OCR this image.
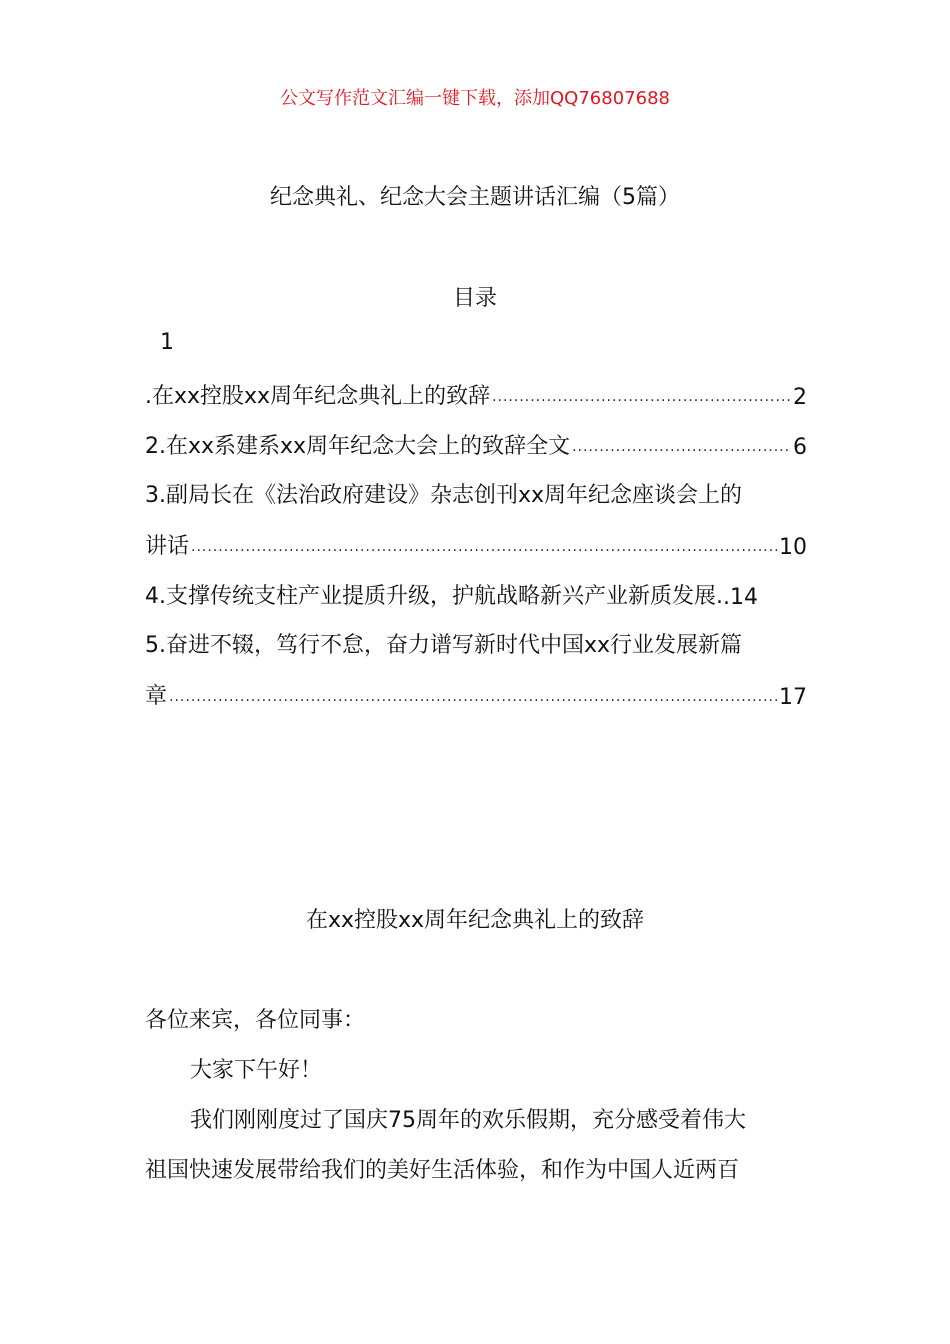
公文写作范文汇编一键下载，添加QQ76807688
纪念典礼、纪念大会主题讲话汇编（5篇）
目录
1
.在xx控股xx周年纪念典礼上的致辞 .....	2
2.在xx系建系xx周年纪念大会上的致辞全文 .....	6
3.副局长在《法治政府建设》杂志创刊xx周年纪念座谈会上的
讲话 .....	10
4.支撑传统支柱产业提质升级，护航战略新兴产业新质发展. .14
5.奋进不辍，笃行不怠，奋力谱写新时代中国xx行业发展新篇
章 .....	17
在xx控股xx周年纪念典礼上的致辞
各位来宾，各位同事：
大家下午好！
我们刚刚度过了国庆75周年的欢乐假期，充分感受着伟大
祖国快速发展带给我们的美好生活体验，和作为中国人近两百
